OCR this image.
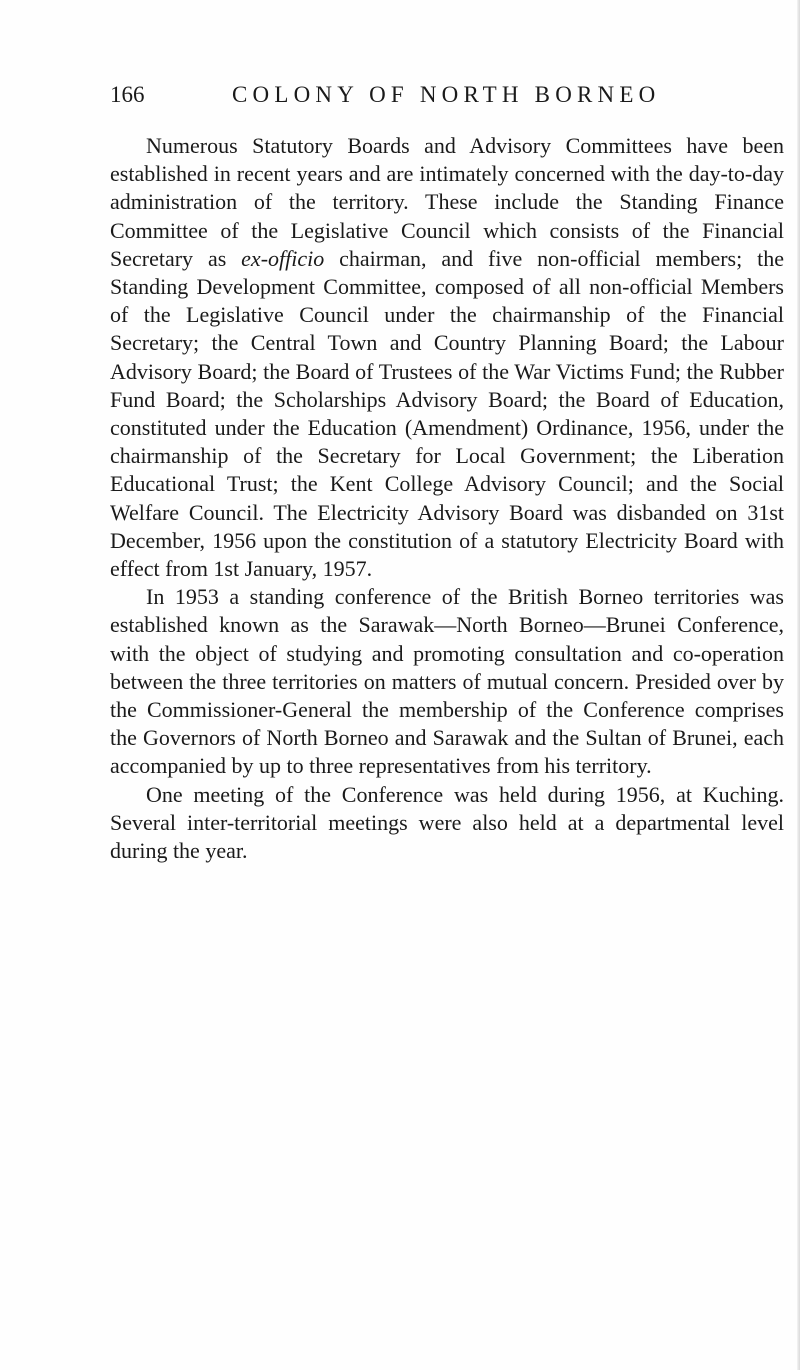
166	COLONY OF NORTH BORNEO

Numerous Statutory Boards and Advisory Committees have been established in recent years and are intimately concerned with the day-to-day administration of the territory. These include the Standing Finance Committee of the Legislative Council which consists of the Financial Secretary as ex-officio chairman, and five non-official members; the Standing Development Committee, composed of all non-official Members of the Legislative Council under the chairmanship of the Financial Secretary; the Central Town and Country Planning Board; the Labour Advisory Board; the Board of Trustees of the War Victims Fund; the Rubber Fund Board; the Scholarships Advisory Board; the Board of Education, constituted under the Education (Amendment) Ordinance, 1956, under the chairmanship of the Secretary for Local Government; the Liberation Educational Trust; the Kent College Advisory Council; and the Social Welfare Council. The Electricity Advisory Board was disbanded on 31st December, 1956 upon the constitution of a statutory Electricity Board with effect from 1st January, 1957.

In 1953 a standing conference of the British Borneo territories was established known as the Sarawak—North Borneo—Brunei Conference, with the object of studying and promoting consultation and co-operation between the three territories on matters of mutual concern. Presided over by the Commissioner-General the membership of the Conference comprises the Governors of North Borneo and Sarawak and the Sultan of Brunei, each accompanied by up to three representatives from his territory.

One meeting of the Conference was held during 1956, at Kuching. Several inter-territorial meetings were also held at a departmental level during the year.
